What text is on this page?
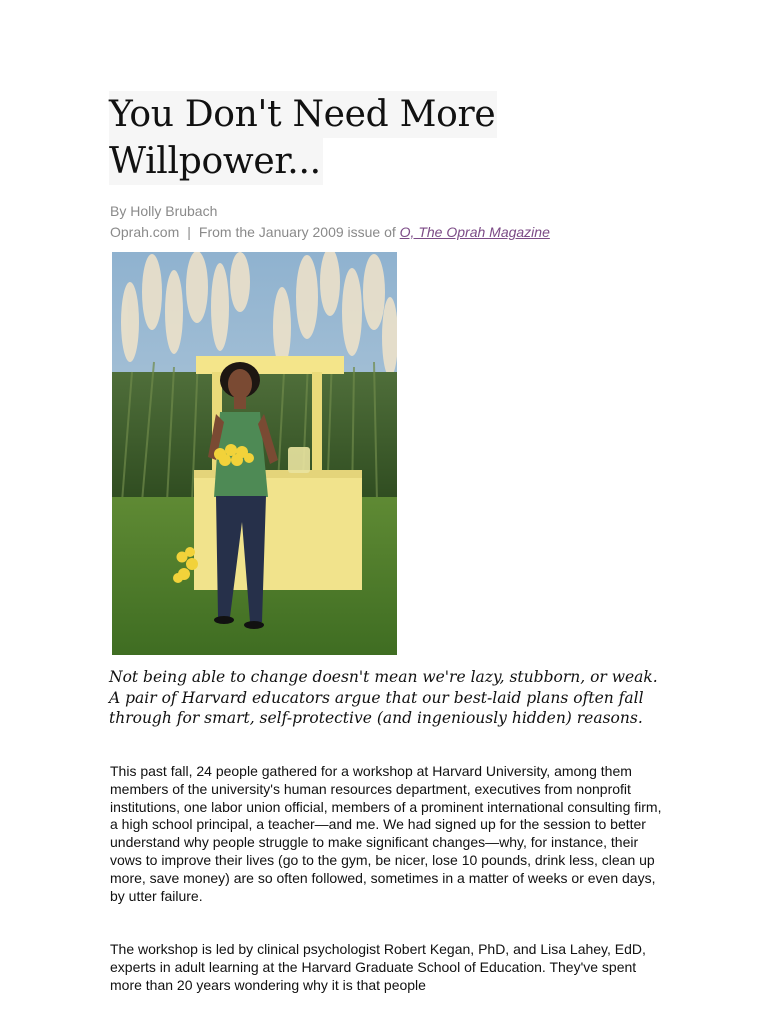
You Don't Need More
Willpower...
By Holly Brubach
Oprah.com | From the January 2009 issue of O, The Oprah Magazine

Not being able to change doesn't mean we're lazy, stubborn, or weak. A pair of Harvard educators argue that our best-laid plans often fall through for smart, self-protective (and ingeniously hidden) reasons.

This past fall, 24 people gathered for a workshop at Harvard University, among them members of the university's human resources department, executives from nonprofit institutions, one labor union official, members of a prominent international consulting firm, a high school principal, a teacher—and me. We had signed up for the session to better understand why people struggle to make significant changes—why, for instance, their vows to improve their lives (go to the gym, be nicer, lose 10 pounds, drink less, clean up more, save money) are so often followed, sometimes in a matter of weeks or even days, by utter failure.

The workshop is led by clinical psychologist Robert Kegan, PhD, and Lisa Lahey, EdD, experts in adult learning at the Harvard Graduate School of Education. They've spent more than 20 years wondering why it is that people
